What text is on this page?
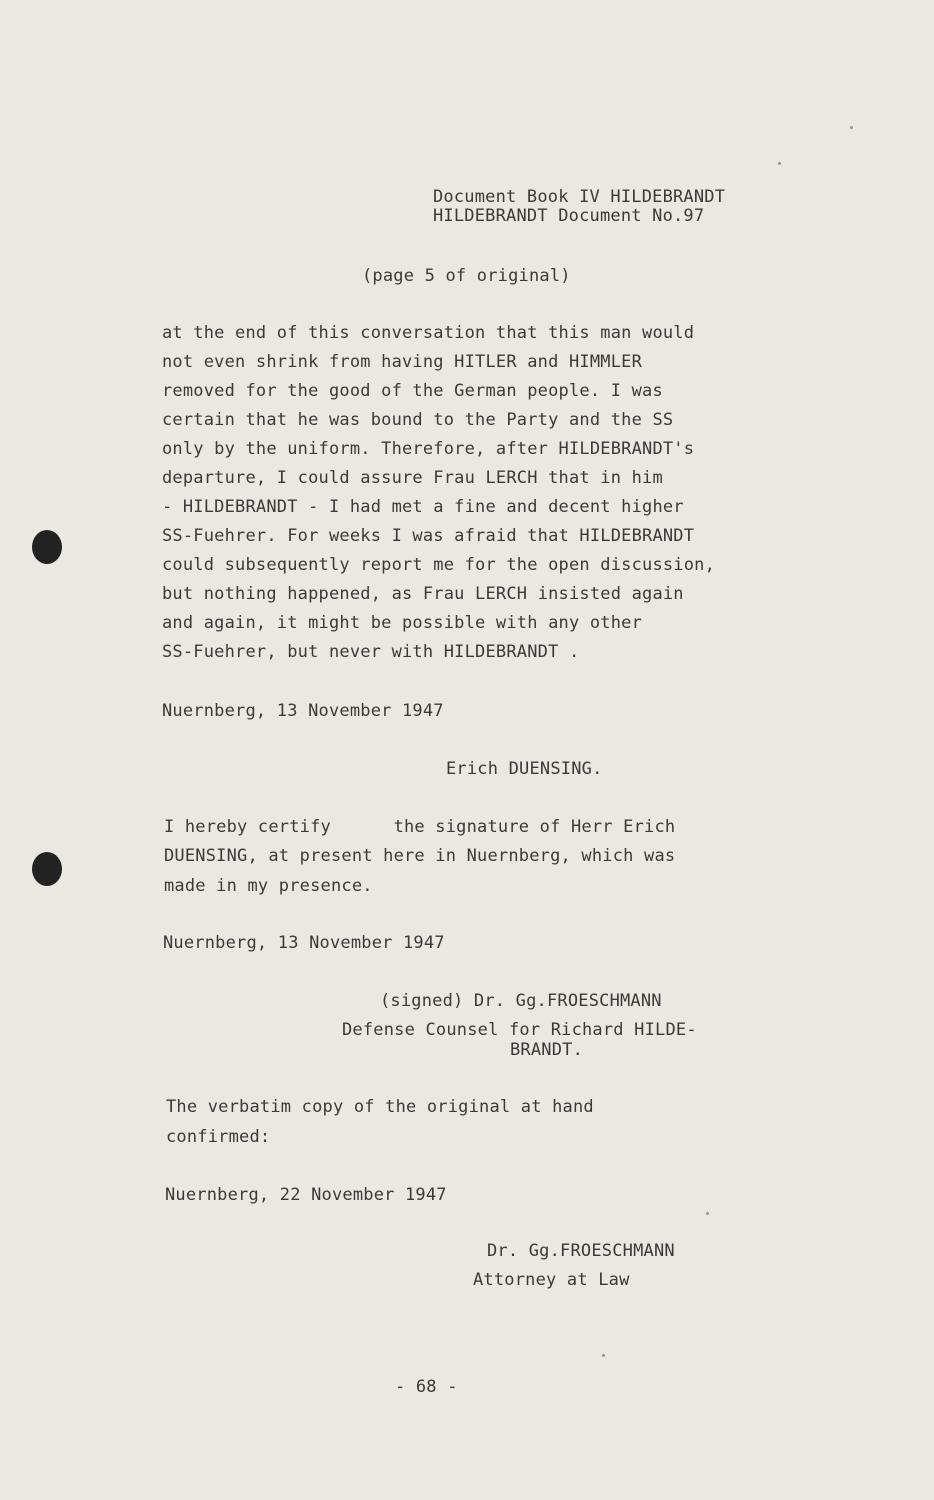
Document Book IV HILDEBRANDT
HILDEBRANDT Document No.97
(page 5 of original)
at the end of this conversation that this man would
not even shrink from having HITLER and HIMMLER
removed for the good of the German people. I was
certain that he was bound to the Party and the SS
only by the uniform. Therefore, after HILDEBRANDT's
departure, I could assure Frau LERCH that in him
- HILDEBRANDT - I had met a fine and decent higher
SS-Fuehrer. For weeks I was afraid that HILDEBRANDT
could subsequently report me for the open discussion,
but nothing happened, as Frau LERCH insisted again
and again, it might be possible with any other
SS-Fuehrer, but never with HILDEBRANDT .
Nuernberg, 13 November 1947
Erich DUENSING.
I hereby certify      the signature of Herr Erich
DUENSING, at present here in Nuernberg, which was
made in my presence.
Nuernberg, 13 November 1947
(signed) Dr. Gg.FROESCHMANN
Defense Counsel for Richard HILDE-
BRANDT.
The verbatim copy of the original at hand
confirmed:
Nuernberg, 22 November 1947
Dr. Gg.FROESCHMANN
Attorney at Law
- 68 -
